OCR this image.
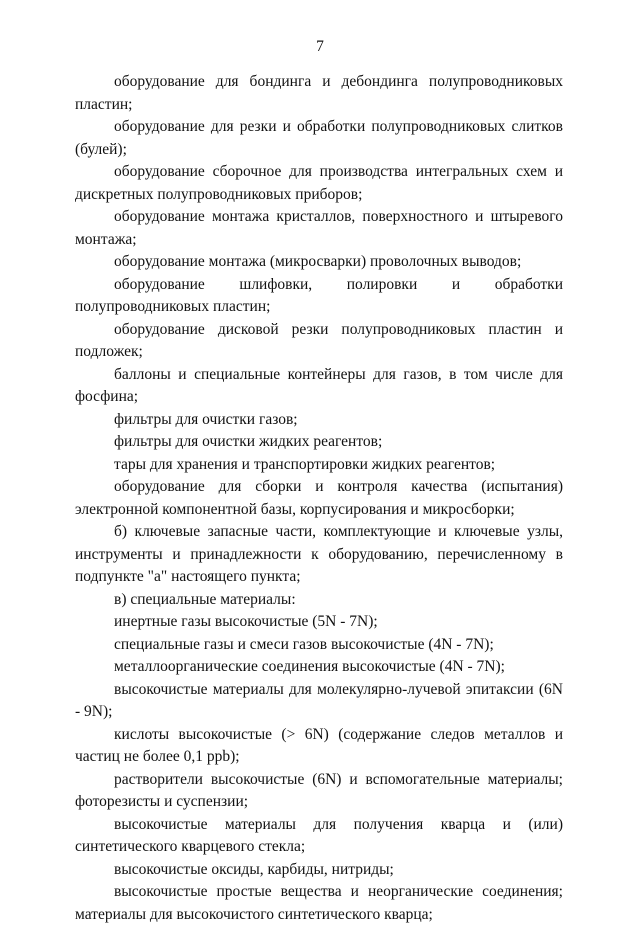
7

оборудование для бондинга и дебондинга полупроводниковых пластин;

оборудование для резки и обработки полупроводниковых слитков (булей);

оборудование сборочное для производства интегральных схем и дискретных полупроводниковых приборов;

оборудование монтажа кристаллов, поверхностного и штыревого монтажа;

оборудование монтажа (микросварки) проволочных выводов;

оборудование шлифовки, полировки и обработки полупроводниковых пластин;

оборудование дисковой резки полупроводниковых пластин и подложек;

баллоны и специальные контейнеры для газов, в том числе для фосфина;

фильтры для очистки газов;

фильтры для очистки жидких реагентов;

тары для хранения и транспортировки жидких реагентов;

оборудование для сборки и контроля качества (испытания) электронной компонентной базы, корпусирования и микросборки;

б) ключевые запасные части, комплектующие и ключевые узлы, инструменты и принадлежности к оборудованию, перечисленному в подпункте "а" настоящего пункта;

в) специальные материалы:

инертные газы высокочистые (5N - 7N);

специальные газы и смеси газов высокочистые (4N - 7N);

металлоорганические соединения высокочистые (4N - 7N);

высокочистые материалы для молекулярно-лучевой эпитаксии (6N - 9N);

кислоты высокочистые (> 6N) (содержание следов металлов и частиц не более 0,1 ppb);

растворители высокочистые (6N) и вспомогательные материалы; фоторезисты и суспензии;

высокочистые материалы для получения кварца и (или) синтетического кварцевого стекла;

высокочистые оксиды, карбиды, нитриды;

высокочистые простые вещества и неорганические соединения; материалы для высокочистого синтетического кварца;
